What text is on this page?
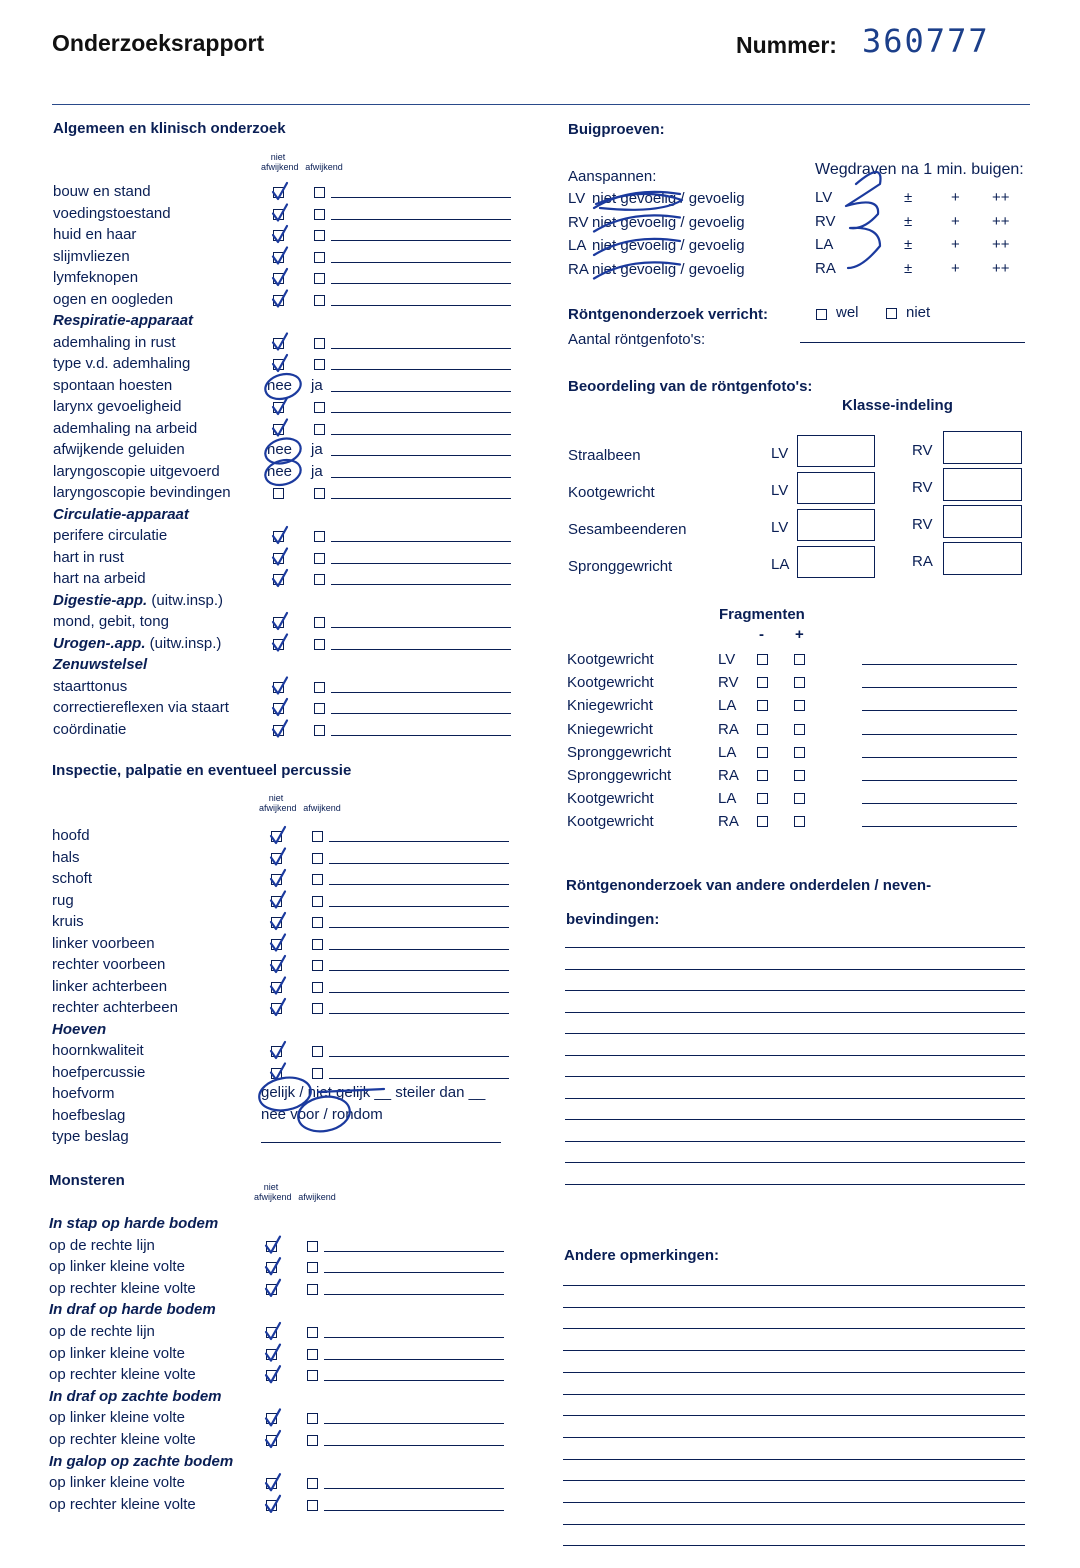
Onderzoeksrapport	Nummer: 360777
Algemeen en klinisch onderzoek
niet
afwijkend afwijkend
bouw en stand
voedingstoestand
huid en haar
slijmvliezen
lymfeknopen
ogen en oogleden
Respiratie-apparaat
ademhaling in rust
type v.d. ademhaling
spontaan hoesten	nee ja
larynx gevoeligheid
ademhaling na arbeid
afwijkende geluiden	nee ja
laryngoscopie uitgevoerd	nee ja
laryngoscopie bevindingen
Circulatie-apparaat
perifere circulatie
hart in rust
hart na arbeid
Digestie-app. (uitw.insp.)
mond, gebit, tong
Urogen-.app. (uitw.insp.)
Zenuwstelsel
staarttonus
correctiereflexen via staart
coördinatie
Inspectie, palpatie en eventueel percussie
niet
afwijkend afwijkend
hoofd
hals
schoft
rug
kruis
linker voorbeen
rechter voorbeen
linker achterbeen
rechter achterbeen
Hoeven
hoornkwaliteit
hoefpercussie
hoefvorm	gelijk / niet gelijk __ steiler dan __
hoefbeslag	nee voor / rondom
type beslag
Monsteren	niet
afwijkend afwijkend
In stap op harde bodem
op de rechte lijn
op linker kleine volte
op rechter kleine volte
In draf op harde bodem
op de rechte lijn
op linker kleine volte
op rechter kleine volte
In draf op zachte bodem
op linker kleine volte
op rechter kleine volte
In galop op zachte bodem
op linker kleine volte
op rechter kleine volte
Buigproeven:
Aanspannen:	Wegdraven na 1 min. buigen:
LV niet gevoelig / gevoelig	LV	±	+ ++
RV niet gevoelig / gevoelig	RV	±	+ ++
LA niet gevoelig / gevoelig	LA	±	+ ++
RA niet gevoelig / gevoelig	RA	±	+ ++
Röntgenonderzoek verricht:	wel	niet
Aantal röntgenfoto's:
Beoordeling van de röntgenfoto's:
Klasse-indeling
Straalbeen	LV	RV
Kootgewricht	LV	RV
Sesambeenderen	LV	RV
Spronggewricht	LA	RA
Fragmenten
- +
Kootgewricht	LV
Kootgewricht	RV
Kniegewricht	LA
Kniegewricht	RA
Spronggewricht	LA
Spronggewricht	RA
Kootgewricht	LA
Kootgewricht	RA
Röntgenonderzoek van andere onderdelen / neven-
bevindingen:
Andere opmerkingen:
